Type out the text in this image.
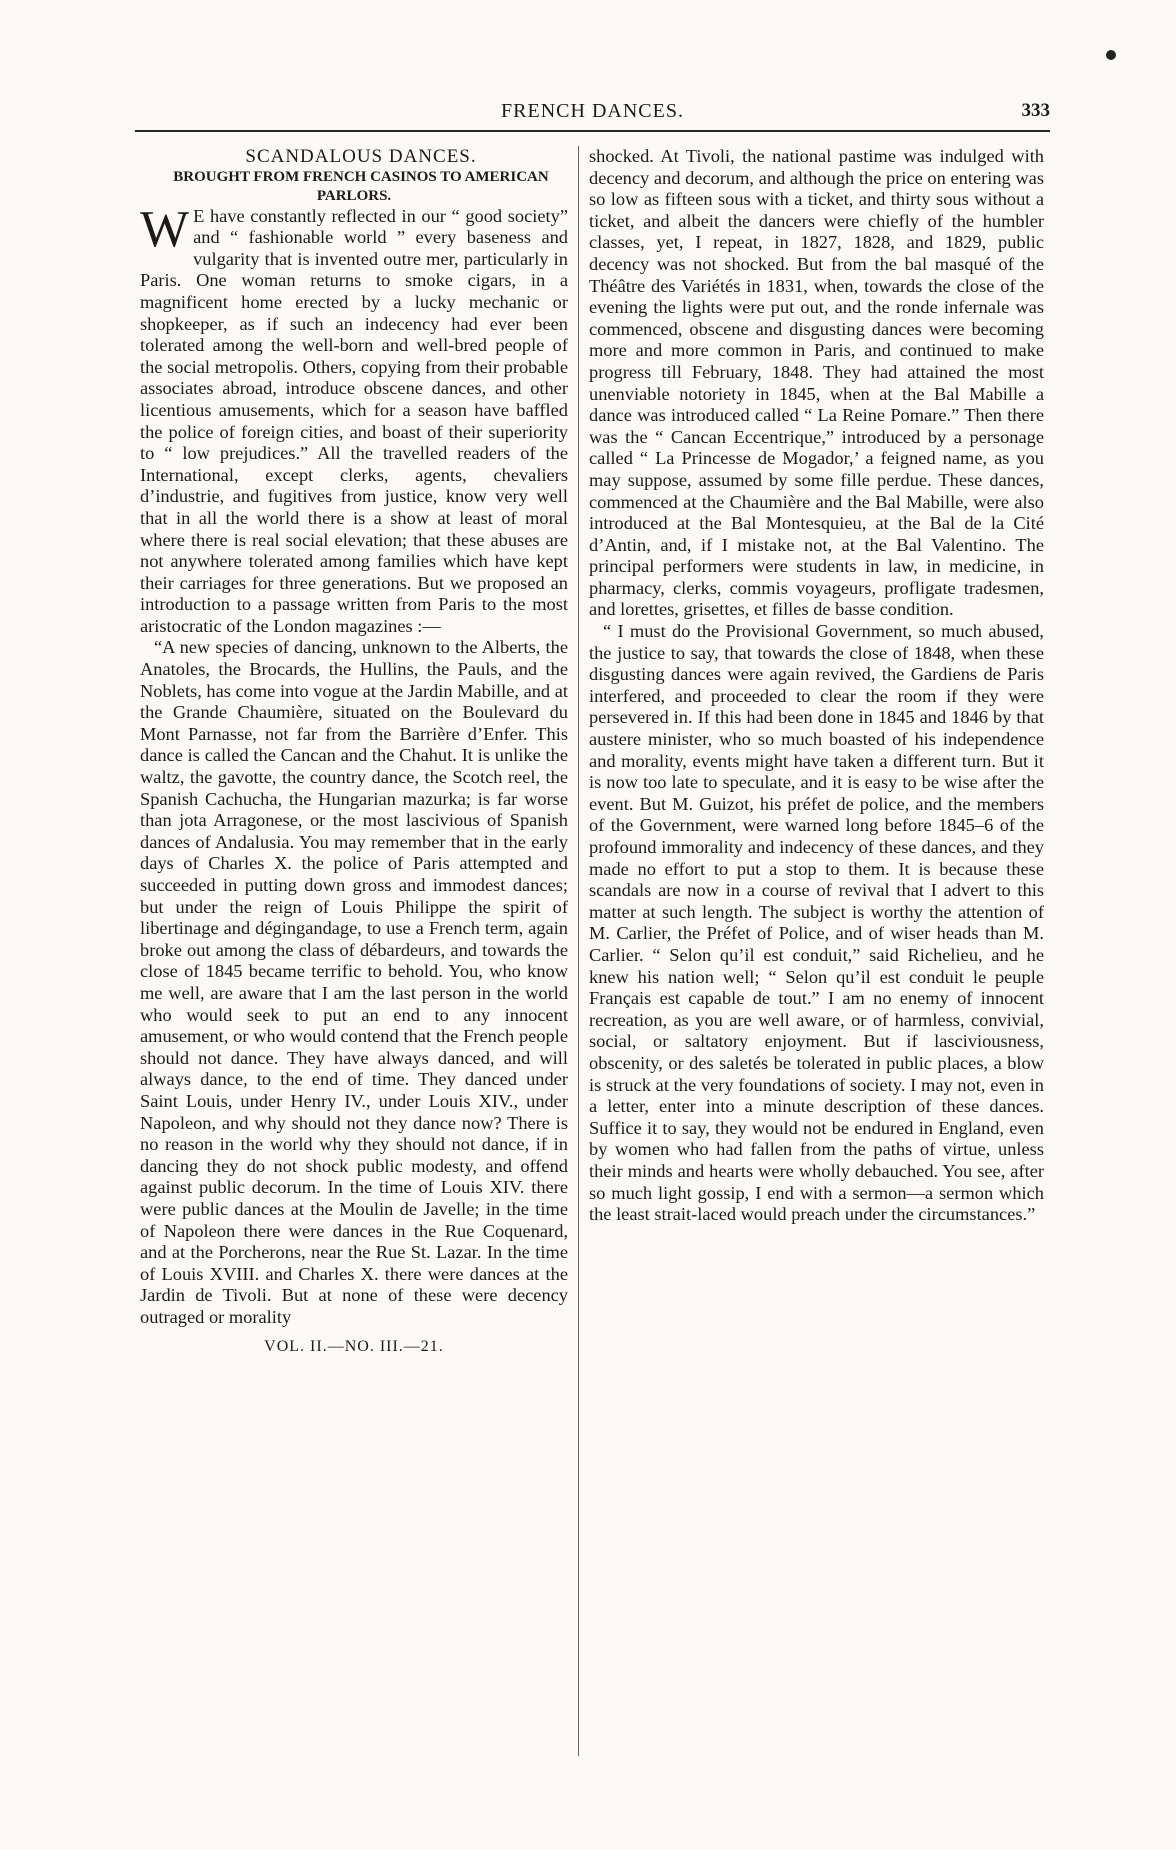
FRENCH DANCES.	333

SCANDALOUS DANCES.

BROUGHT FROM FRENCH CASINOS TO AMERICAN PARLORS.

W E have constantly reflected in our “ good society” and “ fashionable world ” every baseness and vulgarity that is invented outre mer, particularly in Paris. One woman returns to smoke cigars, in a magnificent home erected by a lucky mechanic or shopkeeper, as if such an indecency had ever been tolerated among the well-born and well-bred people of the social metropolis. Others, copying from their probable associates abroad, introduce obscene dances, and other licentious amusements, which for a season have baffled the police of foreign cities, and boast of their superiority to “ low prejudices.” All the travelled readers of the International, except clerks, agents, chevaliers d’industrie, and fugitives from justice, know very well that in all the world there is a show at least of moral where there is real social elevation; that these abuses are not anywhere tolerated among families which have kept their carriages for three generations. But we proposed an introduction to a passage written from Paris to the most aristocratic of the London magazines :—

“A new species of dancing, unknown to the Alberts, the Anatoles, the Brocards, the Hullins, the Pauls, and the Noblets, has come into vogue at the Jardin Mabille, and at the Grande Chaumière, situated on the Boulevard du Mont Parnasse, not far from the Barrière d’Enfer. This dance is called the Cancan and the Chahut. It is unlike the waltz, the gavotte, the country dance, the Scotch reel, the Spanish Cachucha, the Hungarian mazurka; is far worse than jota Arragonese, or the most lascivious of Spanish dances of Andalusia. You may remember that in the early days of Charles X. the police of Paris attempted and succeeded in putting down gross and immodest dances; but under the reign of Louis Philippe the spirit of libertinage and dégingandage, to use a French term, again broke out among the class of débardeurs, and towards the close of 1845 became terrific to behold. You, who know me well, are aware that I am the last person in the world who would seek to put an end to any innocent amusement, or who would contend that the French people should not dance. They have always danced, and will always dance, to the end of time. They danced under Saint Louis, under Henry IV., under Louis XIV., under Napoleon, and why should not they dance now? There is no reason in the world why they should not dance, if in dancing they do not shock public modesty, and offend against public decorum. In the time of Louis XIV. there were public dances at the Moulin de Javelle; in the time of Napoleon there were dances in the Rue Coquenard, and at the Porcherons, near the Rue St. Lazar. In the time of Louis XVIII. and Charles X. there were dances at the Jardin de Tivoli. But at none of these were decency outraged or morality

VOL. II.—NO. III.—21.

shocked. At Tivoli, the national pastime was indulged with decency and decorum, and although the price on entering was so low as fifteen sous with a ticket, and thirty sous without a ticket, and albeit the dancers were chiefly of the humbler classes, yet, I repeat, in 1827, 1828, and 1829, public decency was not shocked. But from the bal masqué of the Théâtre des Variétés in 1831, when, towards the close of the evening the lights were put out, and the ronde infernale was commenced, obscene and disgusting dances were becoming more and more common in Paris, and continued to make progress till February, 1848. They had attained the most unenviable notoriety in 1845, when at the Bal Mabille a dance was introduced called “ La Reine Pomare.” Then there was the “ Cancan Eccentrique,” introduced by a personage called “ La Princesse de Mogador,’ a feigned name, as you may suppose, assumed by some fille perdue. These dances, commenced at the Chaumière and the Bal Mabille, were also introduced at the Bal Montesquieu, at the Bal de la Cité d’Antin, and, if I mistake not, at the Bal Valentino. The principal performers were students in law, in medicine, in pharmacy, clerks, commis voyageurs, profligate tradesmen, and lorettes, grisettes, et filles de basse condition.

“ I must do the Provisional Government, so much abused, the justice to say, that towards the close of 1848, when these disgusting dances were again revived, the Gardiens de Paris interfered, and proceeded to clear the room if they were persevered in. If this had been done in 1845 and 1846 by that austere minister, who so much boasted of his independence and morality, events might have taken a different turn. But it is now too late to speculate, and it is easy to be wise after the event. But M. Guizot, his préfet de police, and the members of the Government, were warned long before 1845–6 of the profound immorality and indecency of these dances, and they made no effort to put a stop to them. It is because these scandals are now in a course of revival that I advert to this matter at such length. The subject is worthy the attention of M. Carlier, the Préfet of Police, and of wiser heads than M. Carlier. “ Selon qu’il est conduit,” said Richelieu, and he knew his nation well; “ Selon qu’il est conduit le peuple Français est capable de tout.” I am no enemy of innocent recreation, as you are well aware, or of harmless, convivial, social, or saltatory enjoyment. But if lasciviousness, obscenity, or des saletés be tolerated in public places, a blow is struck at the very foundations of society. I may not, even in a letter, enter into a minute description of these dances. Suffice it to say, they would not be endured in England, even by women who had fallen from the paths of virtue, unless their minds and hearts were wholly debauched. You see, after so much light gossip, I end with a sermon—a sermon which the least strait-laced would preach under the circumstances.”
